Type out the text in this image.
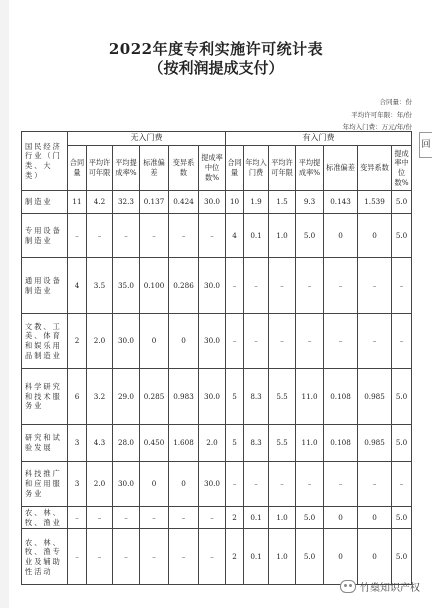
回
2022年度专利实施许可统计表
（按利润提成支付）
合同量：份
平均许可年限：年/份
年均入门费：万元/年/份
国民经济行业（门类、大类）	无入门费						有入门费						
	合同量	平均许可年限	平均提成率%	标准偏差	变异系数	提成率中位数%	合同量	年均入门费	平均许可年限	平均提成率%	标准偏差	变异系数	提成率中位数%
制造业	11	4.2	32.3	0.137	0.424	30.0	10	1.9	1.5	9.3	0.143	1.539	5.0
专用设备制造业	–	–	–	–	–	–	4	0.1	1.0	5.0	0	0	5.0
通用设备制造业	4	3.5	35.0	0.100	0.286	30.0	–	–	–	–	–	–	–
文教、工美、体育和娱乐用品制造业	2	2.0	30.0	0	0	30.0	–	–	–	–	–	–	–
科学研究和技术服务业	6	3.2	29.0	0.285	0.983	30.0	5	8.3	5.5	11.0	0.108	0.985	5.0
研究和试验发展	3	4.3	28.0	0.450	1.608	2.0	5	8.3	5.5	11.0	0.108	0.985	5.0
科技推广和应用服务业	3	2.0	30.0	0	0	30.0	–	–	–	–	–	–	–
农、林、牧、渔业	–	–	–	–	–	–	2	0.1	1.0	5.0	0	0	5.0
农、林、牧、渔专业及辅助性活动	–	–	–	–	–	–	2	0.1	1.0	5.0	0	0	5.0
竹燊知识产权
